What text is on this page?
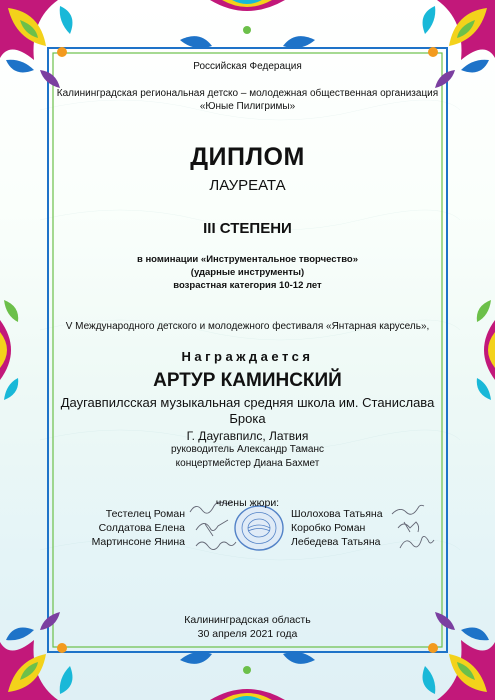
Российская Федерация
Калининградская региональная детско – молодежная общественная организация
«Юные Пилигримы»
ДИПЛОМ
ЛАУРЕАТА
III СТЕПЕНИ
в номинации «Инструментальное творчество»
(ударные инструменты)
возрастная категория 10-12 лет
V Международного детского и молодежного фестиваля «Янтарная карусель»,
Награждается
АРТУР КАМИНСКИЙ
Даугавпилсская музыкальная средняя школа им. Станислава
Брока
Г. Даугавпилс, Латвия
руководитель Александр Таманс
концертмейстер Диана Бахмет
члены жюри:
Тестелец Роман
Солдатова Елена
Мартинсоне Янина
Шолохова Татьяна
Коробко Роман
Лебедева Татьяна
Калининградская область
30 апреля 2021 года
